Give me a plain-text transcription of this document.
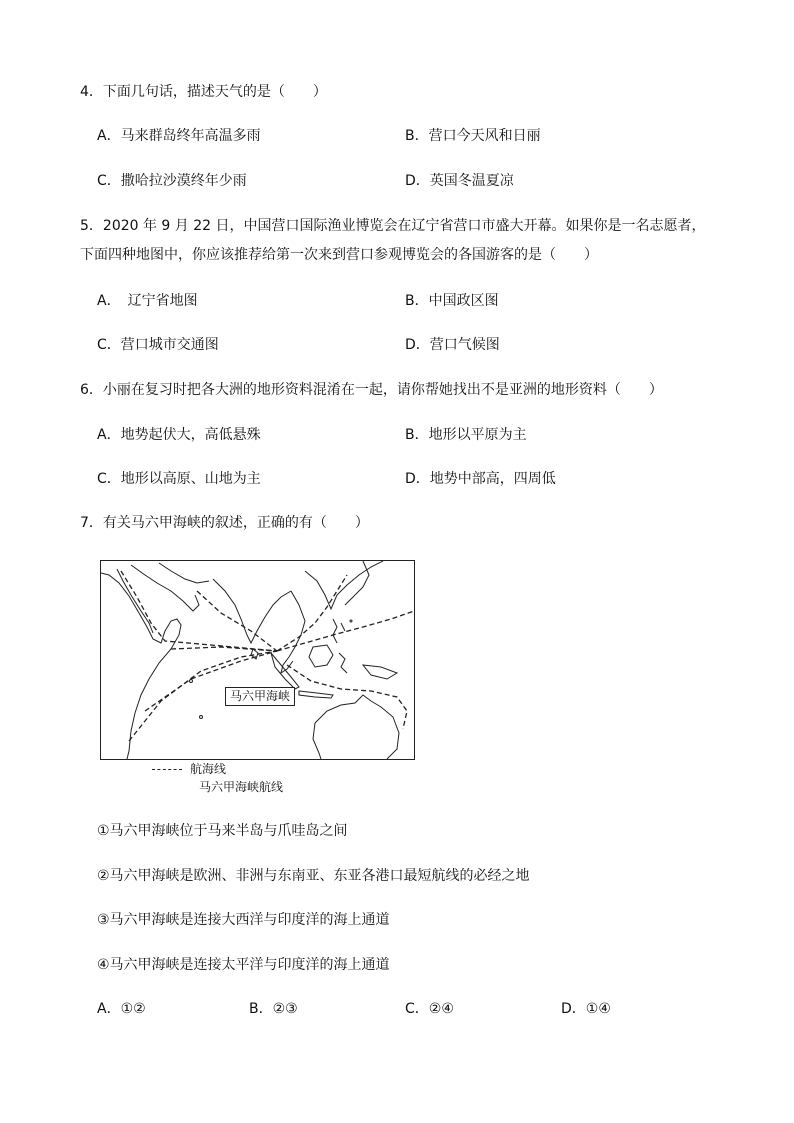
4．下面几句话，描述天气的是（　　）
A．马来群岛终年高温多雨	B．营口今天风和日丽
C．撒哈拉沙漠终年少雨	D．英国冬温夏凉
5．2020 年 9 月 22 日，中国营口国际渔业博览会在辽宁省营口市盛大开幕。如果你是一名志愿者，
下面四种地图中，你应该推荐给第一次来到营口参观博览会的各国游客的是（　　）
A．　辽宁省地图	B．中国政区图
C．营口城市交通图	D．营口气候图
6．小丽在复习时把各大洲的地形资料混淆在一起，请你帮她找出不是亚洲的地形资料（　　）
A．地势起伏大，高低悬殊	B．地形以平原为主
C．地形以高原、山地为主	D．地势中部高，四周低
7．有关马六甲海峡的叙述，正确的有（　　）
马六甲海峡
航海线
马六甲海峡航线
①马六甲海峡位于马来半岛与爪哇岛之间
②马六甲海峡是欧洲、非洲与东南亚、东亚各港口最短航线的必经之地
③马六甲海峡是连接大西洋与印度洋的海上通道
④马六甲海峡是连接太平洋与印度洋的海上通道
A．①②	B．②③	C．②④	D．①④
